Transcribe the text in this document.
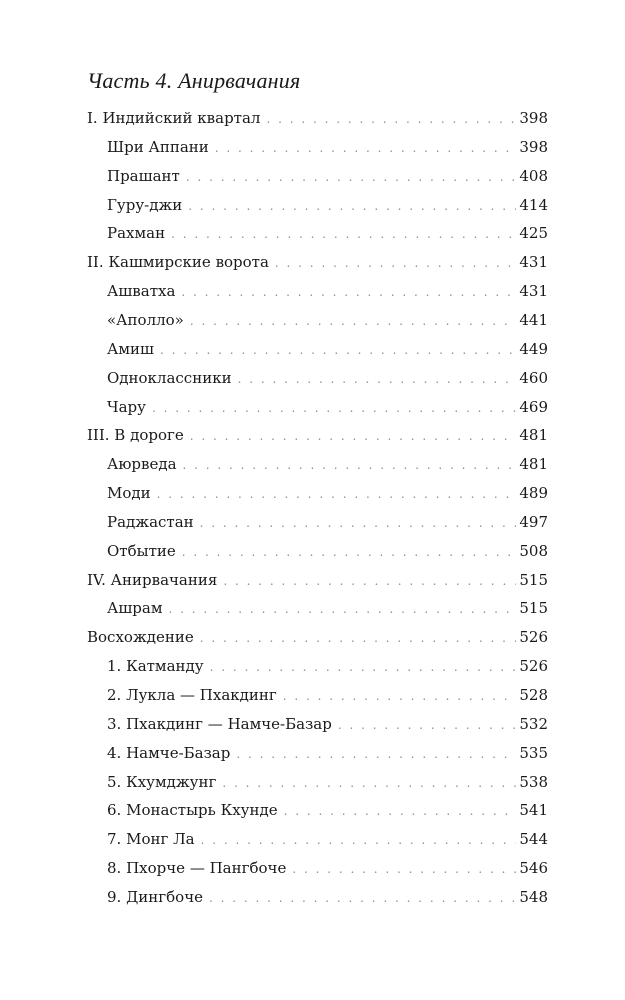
Часть 4. Анирвачания
I. Индийский квартал . . .	398
Шри Аппани . . .	398
Прашант . . .	408
Гуру-джи . . .	414
Рахман . . .	425
II. Кашмирские ворота . . .	431
Ашватха . . .	431
«Аполло» . . .	441
Амиш . . .	449
Одноклассники . . .	460
Чару . . .	469
III. В дороге . . .	481
Аюрведа . . .	481
Моди . . .	489
Раджастан . . .	497
Отбытие . . .	508
IV. Анирвачания . . .	515
Ашрам . . .	515
Восхождение . . .	526
1. Катманду . . .	526
2. Лукла — Пхакдинг . . .	528
3. Пхакдинг — Намче-Базар . . .	532
4. Намче-Базар . . .	535
5. Кхумджунг . . .	538
6. Монастырь Кхунде . . .	541
7. Монг Ла . . .	544
8. Пхорче — Пангбоче . . .	546
9. Дингбоче . . .	548
